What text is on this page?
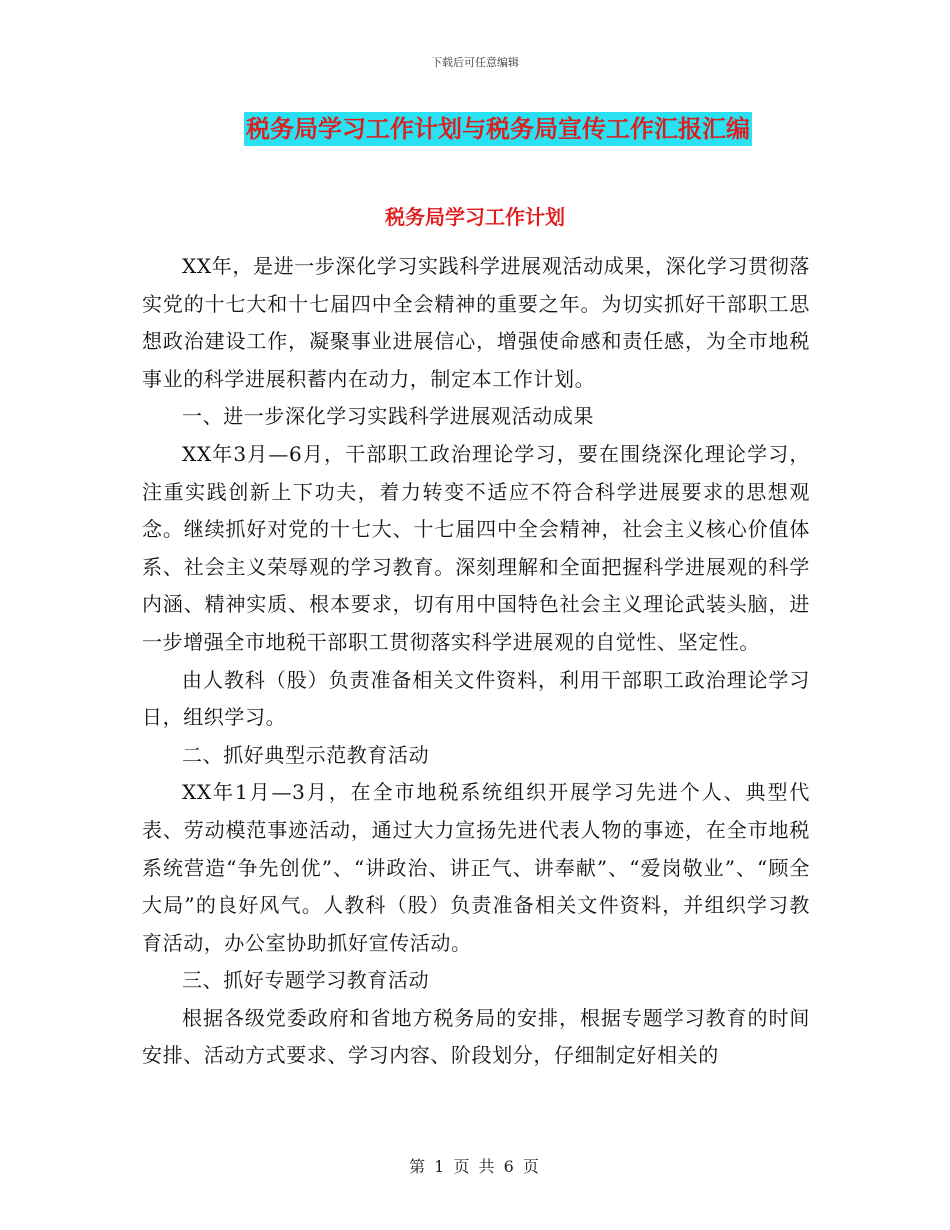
下载后可任意编辑
税务局学习工作计划与税务局宣传工作汇报汇编
税务局学习工作计划

XX年，是进一步深化学习实践科学进展观活动成果，深化学习贯彻落实党的十七大和十七届四中全会精神的重要之年。为切实抓好干部职工思想政治建设工作，凝聚事业进展信心，增强使命感和责任感，为全市地税事业的科学进展积蓄内在动力，制定本工作计划。

一、进一步深化学习实践科学进展观活动成果

XX年3月—6月，干部职工政治理论学习，要在围绕深化理论学习，注重实践创新上下功夫，着力转变不适应不符合科学进展要求的思想观念。继续抓好对党的十七大、十七届四中全会精神，社会主义核心价值体系、社会主义荣辱观的学习教育。深刻理解和全面把握科学进展观的科学内涵、精神实质、根本要求，切有用中国特色社会主义理论武装头脑，进一步增强全市地税干部职工贯彻落实科学进展观的自觉性、坚定性。

由人教科（股）负责准备相关文件资料，利用干部职工政治理论学习日，组织学习。

二、抓好典型示范教育活动

XX年1月—3月，在全市地税系统组织开展学习先进个人、典型代表、劳动模范事迹活动，通过大力宣扬先进代表人物的事迹，在全市地税系统营造“争先创优”、“讲政治、讲正气、讲奉献”、“爱岗敬业”、“顾全大局”的良好风气。人教科（股）负责准备相关文件资料，并组织学习教育活动，办公室协助抓好宣传活动。

三、抓好专题学习教育活动

根据各级党委政府和省地方税务局的安排，根据专题学习教育的时间安排、活动方式要求、学习内容、阶段划分，仔细制定好相关的

第 1 页 共 6 页
